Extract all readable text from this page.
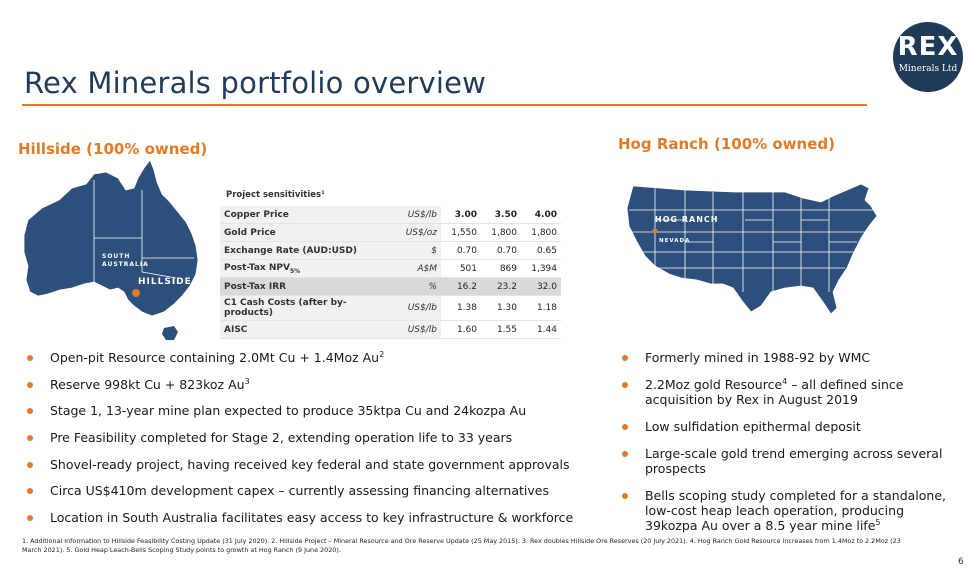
Rex Minerals portfolio overview
REX
Minerals Ltd
Hillside (100% owned)	Hog Ranch (100% owned)
SOUTH
AUSTRALIA
HILLSIDE
Project sensitivities¹
Copper Price	US$/lb	3.00	3.50	4.00
Gold Price	US$/oz	1,550	1,800	1,800
Exchange Rate (AUD:USD)	$	0.70	0.70	0.65
Post-Tax $NPV_{5\%}$	A$M	501	869	1,394
Post-Tax IRR	%	16.2	23.2	32.0
C1 Cash Costs (after by-products)	US$/lb	1.38	1.30	1.18
AISC	US$/lb	1.60	1.55	1.44
HOG RANCH
NEVADA
Open-pit Resource containing 2.0Mt Cu + 1.4Moz Au$^2$
Reserve 998kt Cu + 823koz Au$^3$
Stage 1, 13-year mine plan expected to produce 35ktpa Cu and 24kozpa Au
Pre Feasibility completed for Stage 2, extending operation life to 33 years
Shovel-ready project, having received key federal and state government approvals
Circa US$410m development capex – currently assessing financing alternatives
Location in South Australia facilitates easy access to key infrastructure & workforce
Formerly mined in 1988-92 by WMC
2.2Moz gold Resource$^4$ – all defined since acquisition by Rex in August 2019
Low sulfidation epithermal deposit
Large-scale gold trend emerging across several prospects
Bells scoping study completed for a standalone, low-cost heap leach operation, producing 39kozpa Au over a 8.5 year mine life$^5$

1. Additional Information to Hillside Feasibility Costing Update (31 July 2020). 2. Hillside Project – Mineral Resource and Ore Reserve Update (25 May 2015). 3. Rex doubles Hillside Ore Reserves (20 July 2021). 4. Hog Ranch Gold Resource increases from 1.4Moz to 2.2Moz (23 March 2021). 5. Gold Heap Leach-Bells Scoping Study points to growth at Hog Ranch (9 June 2020).

6
